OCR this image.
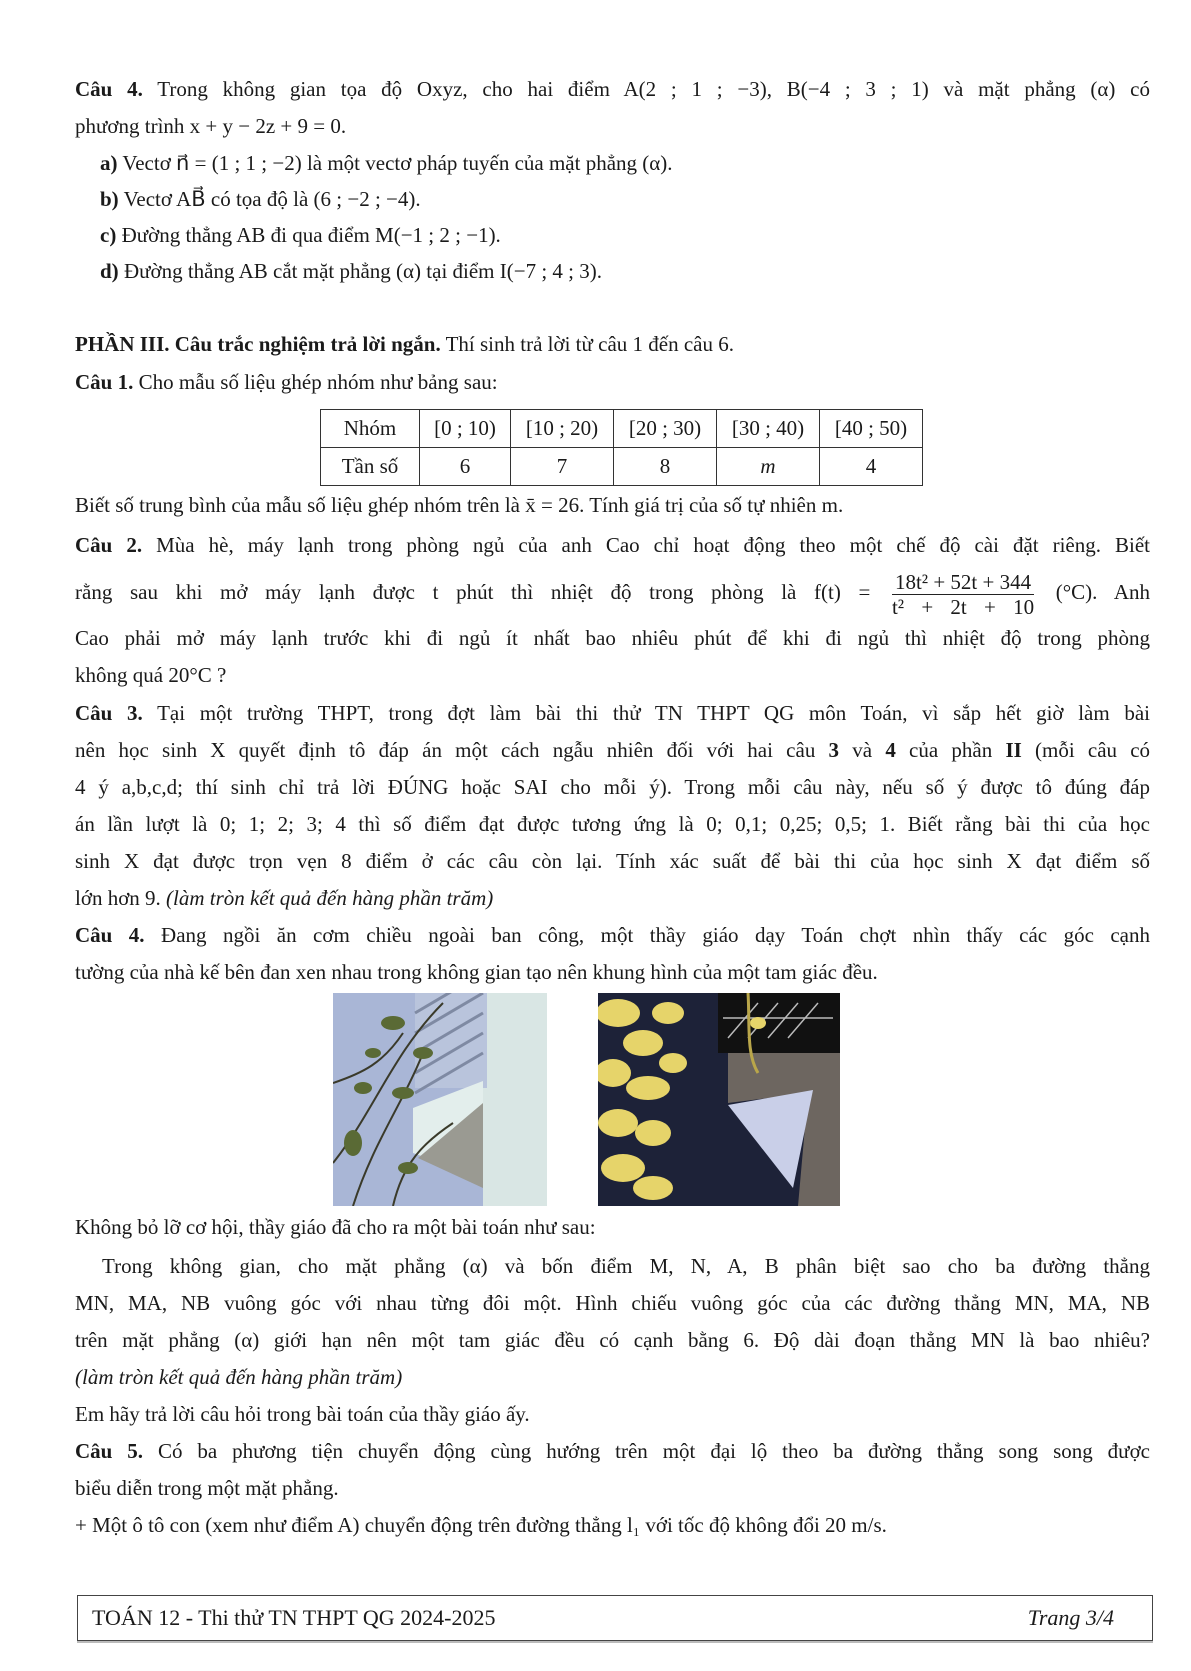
Câu 4. Trong không gian tọa độ Oxyz, cho hai điểm A(2 ; 1 ; −3), B(−4 ; 3 ; 1) và mặt phẳng (α) có
phương trình x + y − 2z + 9 = 0.
a) Vectơ n⃗ = (1 ; 1 ; −2) là một vectơ pháp tuyến của mặt phẳng (α).
b) Vectơ AB⃗ có tọa độ là (6 ; −2 ; −4).
c) Đường thẳng AB đi qua điểm M(−1 ; 2 ; −1).
d) Đường thẳng AB cắt mặt phẳng (α) tại điểm I(−7 ; 4 ; 3).
PHẦN III. Câu trắc nghiệm trả lời ngắn. Thí sinh trả lời từ câu 1 đến câu 6.
Câu 1. Cho mẫu số liệu ghép nhóm như bảng sau:
Nhóm	[0 ; 10)	[10 ; 20)	[20 ; 30)	[30 ; 40)	[40 ; 50)
Tần số	6	7	8	m	4
Biết số trung bình của mẫu số liệu ghép nhóm trên là x̄ = 26. Tính giá trị của số tự nhiên m.
Câu 2. Mùa hè, máy lạnh trong phòng ngủ của anh Cao chỉ hoạt động theo một chế độ cài đặt riêng. Biết
rằng sau khi mở máy lạnh được t phút thì nhiệt độ trong phòng là $f(t) = \frac{\text{18t² + 52t + 344}}{\text{t² + 2t + 10}} (^\circ C)$. Anh
Cao phải mở máy lạnh trước khi đi ngủ ít nhất bao nhiêu phút để khi đi ngủ thì nhiệt độ trong phòng
không quá 20°C ?
Câu 3. Tại một trường THPT, trong đợt làm bài thi thử TN THPT QG môn Toán, vì sắp hết giờ làm bài
nên học sinh X quyết định tô đáp án một cách ngẫu nhiên đối với hai câu 3 và 4 của phần II (mỗi câu có
4 ý a,b,c,d; thí sinh chỉ trả lời ĐÚNG hoặc SAI cho mỗi ý). Trong mỗi câu này, nếu số ý được tô đúng đáp
án lần lượt là 0; 1; 2; 3; 4 thì số điểm đạt được tương ứng là 0; 0,1; 0,25; 0,5; 1. Biết rằng bài thi của học
sinh X đạt được trọn vẹn 8 điểm ở các câu còn lại. Tính xác suất để bài thi của học sinh X đạt điểm số
lớn hơn 9. (làm tròn kết quả đến hàng phần trăm)
Câu 4. Đang ngồi ăn cơm chiều ngoài ban công, một thầy giáo dạy Toán chợt nhìn thấy các góc cạnh
tường của nhà kế bên đan xen nhau trong không gian tạo nên khung hình của một tam giác đều.
Không bỏ lỡ cơ hội, thầy giáo đã cho ra một bài toán như sau:
Trong không gian, cho mặt phẳng (α) và bốn điểm M, N, A, B phân biệt sao cho ba đường thẳng
MN, MA, NB vuông góc với nhau từng đôi một. Hình chiếu vuông góc của các đường thẳng MN, MA, NB
trên mặt phẳng (α) giới hạn nên một tam giác đều có cạnh bằng 6. Độ dài đoạn thẳng MN là bao nhiêu?
(làm tròn kết quả đến hàng phần trăm)
Em hãy trả lời câu hỏi trong bài toán của thầy giáo ấy.
Câu 5. Có ba phương tiện chuyển động cùng hướng trên một đại lộ theo ba đường thẳng song song được
biểu diễn trong một mặt phẳng.
+ Một ô tô con (xem như điểm A) chuyển động trên đường thẳng l₁ với tốc độ không đổi 20 m/s.
TOÁN 12 - Thi thử TN THPT QG 2024-2025	Trang 3/4
